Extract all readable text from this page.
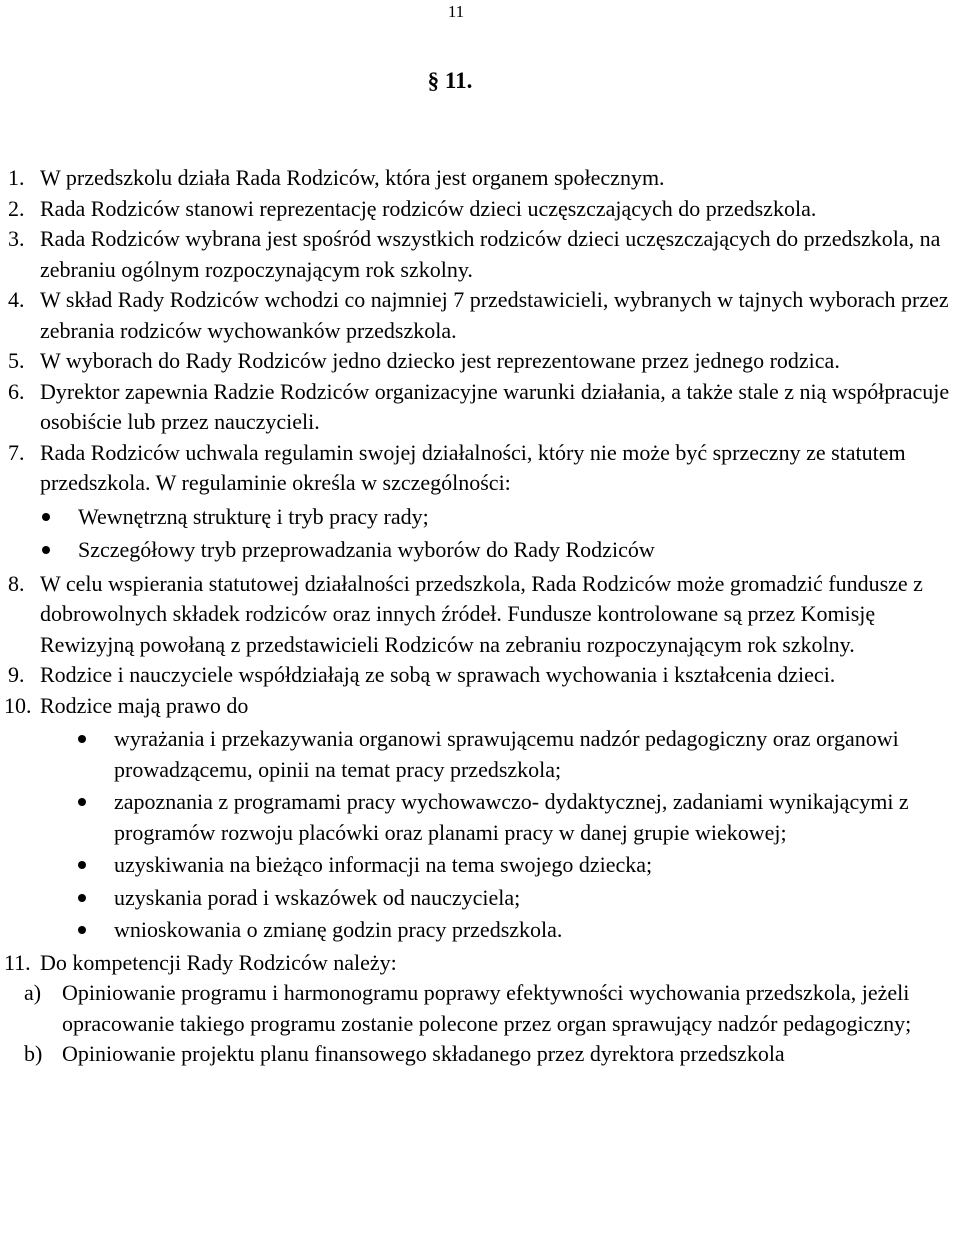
11
§ 11.
1. W przedszkolu działa Rada Rodziców, która jest organem społecznym.
2. Rada Rodziców stanowi reprezentację rodziców dzieci uczęszczających do przedszkola.
3. Rada Rodziców wybrana jest spośród wszystkich rodziców dzieci uczęszczających do przedszkola, na zebraniu ogólnym rozpoczynającym rok szkolny.
4. W skład Rady Rodziców wchodzi co najmniej 7 przedstawicieli, wybranych w tajnych wyborach przez zebrania rodziców wychowanków przedszkola.
5. W wyborach do Rady Rodziców jedno dziecko jest reprezentowane przez jednego rodzica.
6. Dyrektor zapewnia Radzie Rodziców organizacyjne warunki działania, a także stale z nią współpracuje osobiście lub przez nauczycieli.
7. Rada Rodziców uchwala regulamin swojej działalności, który nie może być sprzeczny ze statutem przedszkola. W regulaminie określa w szczególności:
Wewnętrzną strukturę i tryb pracy rady;
Szczegółowy tryb przeprowadzania wyborów do Rady Rodziców
8. W celu wspierania statutowej działalności przedszkola, Rada Rodziców może gromadzić fundusze z dobrowolnych składek rodziców oraz innych źródeł. Fundusze kontrolowane są przez Komisję Rewizyjną powołaną z przedstawicieli Rodziców na zebraniu rozpoczynającym rok szkolny.
9. Rodzice i nauczyciele współdziałają ze sobą w sprawach wychowania i kształcenia dzieci.
10. Rodzice mają prawo do
wyrażania i przekazywania organowi sprawującemu nadzór pedagogiczny oraz organowi prowadzącemu, opinii na temat pracy przedszkola;
zapoznania z programami pracy wychowawczo- dydaktycznej, zadaniami wynikającymi z programów rozwoju placówki oraz planami pracy w danej grupie wiekowej;
uzyskiwania na bieżąco informacji na tema swojego dziecka;
uzyskania porad i wskazówek od nauczyciela;
wnioskowania o zmianę godzin pracy przedszkola.
11. Do kompetencji Rady Rodziców należy:
a) Opiniowanie programu i harmonogramu poprawy efektywności wychowania przedszkola, jeżeli opracowanie takiego programu zostanie polecone przez organ sprawujący nadzór pedagogiczny;
b) Opiniowanie projektu planu finansowego składanego przez dyrektora przedszkola
